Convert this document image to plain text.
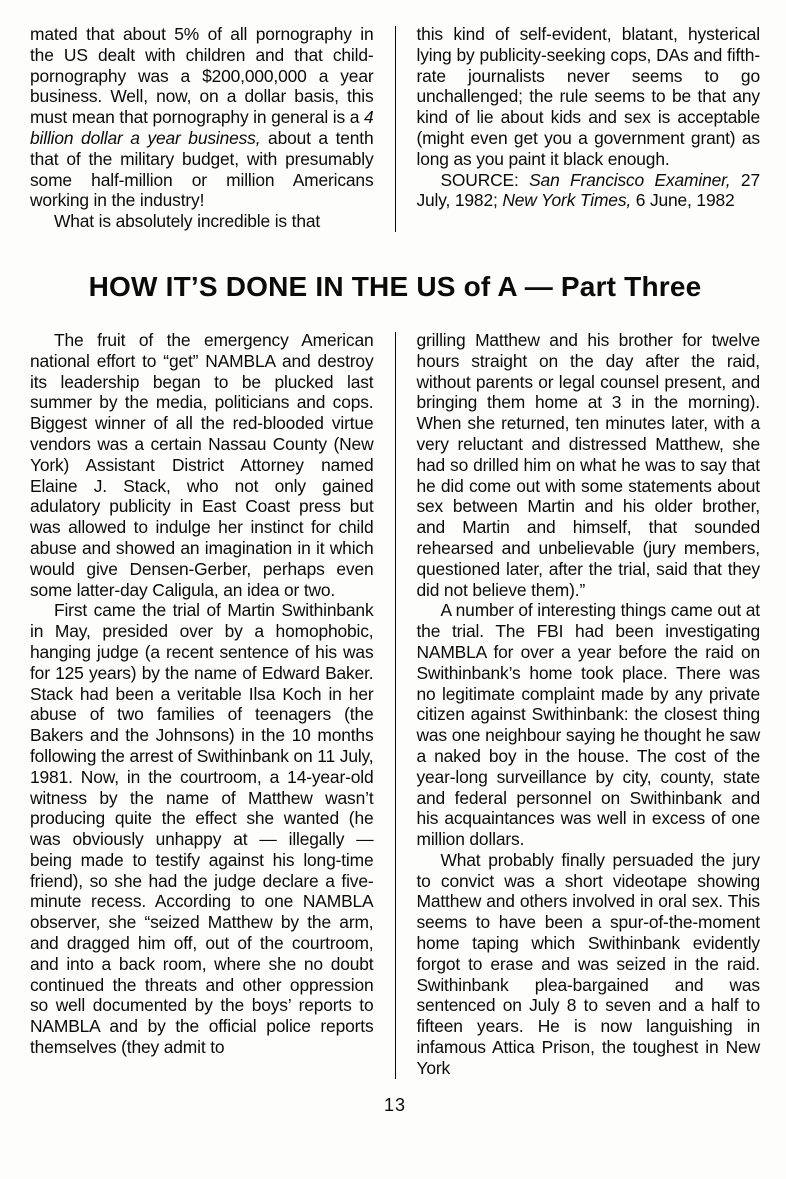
mated that about 5% of all pornography in the US dealt with children and that child-pornography was a $200,000,000 a year business. Well, now, on a dollar basis, this must mean that pornography in general is a 4 billion dollar a year business, about a tenth that of the military budget, with presumably some half-million or million Americans working in the industry!

What is absolutely incredible is that

this kind of self-evident, blatant, hysterical lying by publicity-seeking cops, DAs and fifth-rate journalists never seems to go unchallenged; the rule seems to be that any kind of lie about kids and sex is acceptable (might even get you a government grant) as long as you paint it black enough.

SOURCE: San Francisco Examiner, 27 July, 1982; New York Times, 6 June, 1982

HOW IT’S DONE IN THE US of A — Part Three

The fruit of the emergency American national effort to “get” NAMBLA and destroy its leadership began to be plucked last summer by the media, politicians and cops. Biggest winner of all the red-blooded virtue vendors was a certain Nassau County (New York) Assistant District Attorney named Elaine J. Stack, who not only gained adulatory publicity in East Coast press but was allowed to indulge her instinct for child abuse and showed an imagination in it which would give Densen-Gerber, perhaps even some latter-day Caligula, an idea or two.

First came the trial of Martin Swithinbank in May, presided over by a homophobic, hanging judge (a recent sentence of his was for 125 years) by the name of Edward Baker. Stack had been a veritable Ilsa Koch in her abuse of two families of teenagers (the Bakers and the Johnsons) in the 10 months following the arrest of Swithinbank on 11 July, 1981. Now, in the courtroom, a 14-year-old witness by the name of Matthew wasn’t producing quite the effect she wanted (he was obviously unhappy at — illegally — being made to testify against his long-time friend), so she had the judge declare a five-minute recess. According to one NAMBLA observer, she “seized Matthew by the arm, and dragged him off, out of the courtroom, and into a back room, where she no doubt continued the threats and other oppression so well documented by the boys’ reports to NAMBLA and by the official police reports themselves (they admit to

grilling Matthew and his brother for twelve hours straight on the day after the raid, without parents or legal counsel present, and bringing them home at 3 in the morning). When she returned, ten minutes later, with a very reluctant and distressed Matthew, she had so drilled him on what he was to say that he did come out with some statements about sex between Martin and his older brother, and Martin and himself, that sounded rehearsed and unbelievable (jury members, questioned later, after the trial, said that they did not believe them).”

A number of interesting things came out at the trial. The FBI had been investigating NAMBLA for over a year before the raid on Swithinbank’s home took place. There was no legitimate complaint made by any private citizen against Swithinbank: the closest thing was one neighbour saying he thought he saw a naked boy in the house. The cost of the year-long surveillance by city, county, state and federal personnel on Swithinbank and his acquaintances was well in excess of one million dollars.

What probably finally persuaded the jury to convict was a short videotape showing Matthew and others involved in oral sex. This seems to have been a spur-of-the-moment home taping which Swithinbank evidently forgot to erase and was seized in the raid. Swithinbank plea-bargained and was sentenced on July 8 to seven and a half to fifteen years. He is now languishing in infamous Attica Prison, the toughest in New York

13
